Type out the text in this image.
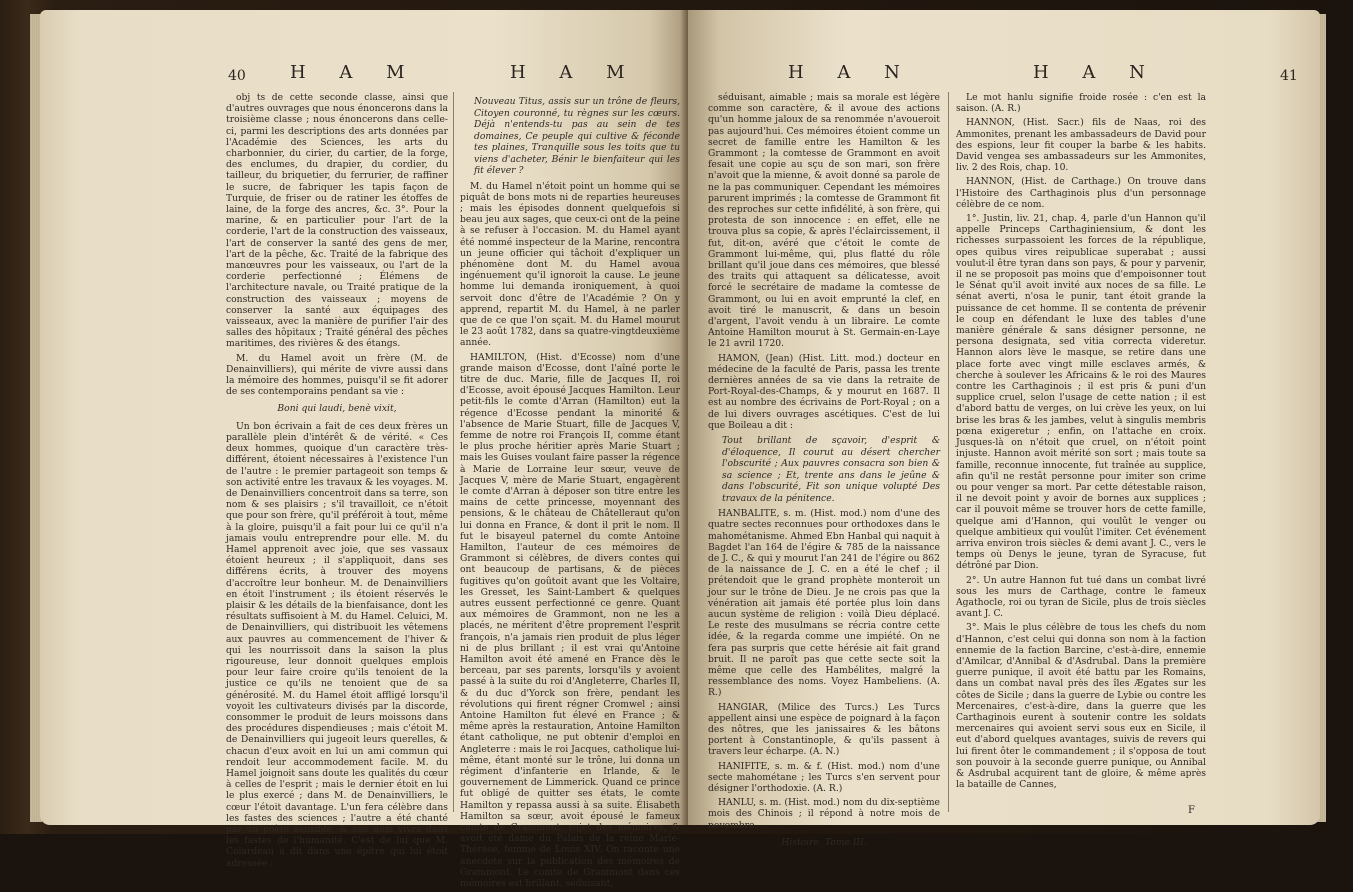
40 H A M	H A M

obj ts de cette seconde classe, ainsi que d'autres ouvrages que nous énoncerons dans la troisième classe ; nous énoncerons dans celle-ci, parmi les descriptions des arts données par l'Académie des Sciences, les arts du charbonnier, du cirier, du cartier, de la forge, des enclumes, du drapier, du cordier, du tailleur, du briquetier, du ferrurier, de raffiner le sucre, de fabriquer les tapis façon de Turquie, de friser ou de ratiner les étoffes de laine, de la forge des ancres, &c. 3°. Pour la marine, & en particulier pour l'art de la corderie, l'art de la construction des vaisseaux, l'art de conserver la santé des gens de mer, l'art de la pêche, &c. Traité de la fabrique des manœuvres pour les vaisseaux, ou l'art de la corderie perfectionné ; Élémens de l'architecture navale, ou Traité pratique de la construction des vaisseaux ; moyens de conserver la santé aux équipages des vaisseaux, avec la manière de purifier l'air des salles des hôpitaux ; Traité général des pêches maritimes, des rivières & des étangs.

M. du Hamel avoit un frère (M. de Denainvilliers), qui mérite de vivre aussi dans la mémoire des hommes, puisqu'il se fit adorer de ses contemporains pendant sa vie :

Boni qui laudi, benè vixit,

Un bon écrivain a fait de ces deux frères un parallèle plein d'intérêt & de vérité. « Ces deux hommes, quoique d'un caractère très-différent, étoient nécessaires à l'existence l'un de l'autre : le premier partageoit son temps & son activité entre les travaux & les voyages. M. de Denainvilliers concentroit dans sa terre, son nom & ses plaisirs ; s'il travailloit, ce n'étoit que pour son frère, qu'il préféroit à tout, même à la gloire, puisqu'il a fait pour lui ce qu'il n'a jamais voulu entreprendre pour elle. M. du Hamel apprenoit avec joie, que ses vassaux étoient heureux ; il s'appliquoit, dans ses différens écrits, à trouver des moyens d'accroître leur bonheur. M. de Denainvilliers en étoit l'instrument ; ils étoient réservés le plaisir & les détails de la bienfaisance, dont les résultats suffisoient à M. du Hamel. Celuici, M. de Denainvilliers, qui distribuoit les vêtemens aux pauvres au commencement de l'hiver & qui les nourrissoit dans la saison la plus rigoureuse, leur donnoit quelques emplois pour leur faire croire qu'ils tenoient de la justice ce qu'ils ne tenoient que de sa générosité. M. du Hamel étoit affligé lorsqu'il voyoit les cultivateurs divisés par la discorde, consommer le produit de leurs moissons dans des procédures dispendieuses ; mais c'étoit M. de Denainvilliers qui jugeoit leurs querelles, & chacun d'eux avoit en lui un ami commun qui rendoit leur accommodement facile. M. du Hamel joignoit sans doute les qualités du cœur à celles de l'esprit ; mais le dernier étoit en lui le plus exercé ; dans M. de Denainvilliers, le cœur l'étoit davantage. L'un fera célèbre dans les fastes des sciences ; l'autre a été chanté par un poète sensible, & son nom vivra dans les fastes de l'humanité. C'est de lui que M. Colardeau a dit dans une épître qui lui étoit adressée :

Nouveau Titus, assis sur un trône de fleurs, Citoyen couronné, tu règnes sur les cœurs. Déjà n'entends-tu pas au sein de tes domaines, Ce peuple qui cultive & féconde tes plaines, Tranquille sous les toits que tu viens d'acheter, Bénir le bienfaiteur qui les fit élever ?

M. du Hamel n'étoit point un homme qui se piquât de bons mots ni de reparties heureuses ; mais les épisodes donnent quelquefois si beau jeu aux sages, que ceux-ci ont de la peine à se refuser à l'occasion. M. du Hamel ayant été nommé inspecteur de la Marine, rencontra un jeune officier qui tâchoit d'expliquer un phénomène dont M. du Hamel avoua ingénuement qu'il ignoroit la cause. Le jeune homme lui demanda ironiquement, à quoi servoit donc d'être de l'Académie ? On y apprend, repartit M. du Hamel, à ne parler que de ce que l'on sçait. M. du Hamel mourut le 23 août 1782, dans sa quatre-vingtdeuxième année.

HAMILTON, (Hist. d'Ecosse) nom d'une grande maison d'Ecosse, dont l'aîné porte le titre de duc. Marie, fille de Jacques II, roi d'Ecosse, avoit épousé Jacques Hamilton. Leur petit-fils le comte d'Arran (Hamilton) eut la régence d'Ecosse pendant la minorité & l'absence de Marie Stuart, fille de Jacques V, femme de notre roi François II, comme étant le plus proche héritier après Marie Stuart ; mais les Guises voulant faire passer la régence à Marie de Lorraine leur sœur, veuve de Jacques V, mère de Marie Stuart, engagèrent le comte d'Arran à déposer son titre entre les mains de cette princesse, moyennant des pensions, & le château de Châtelleraut qu'on lui donna en France, & dont il prit le nom. Il fut le bisayeul paternel du comte Antoine Hamilton, l'auteur de ces mémoires de Grammont si célèbres, de divers contes qui ont beaucoup de partisans, & de pièces fugitives qu'on goûtoit avant que les Voltaire, les Gresset, les Saint-Lambert & quelques autres eussent perfectionné ce genre. Quant aux mémoires de Grammont, non ne les a placés, ne méritent d'être proprement l'esprit françois, n'a jamais rien produit de plus léger ni de plus brillant ; il est vrai qu'Antoine Hamilton avoit été amené en France dès le berceau, par ses parents, lorsqu'ils y avoient passé à la suite du roi d'Angleterre, Charles II, & du duc d'Yorck son frère, pendant les révolutions qui firent régner Cromwel ; ainsi Antoine Hamilton fut élevé en France ; & même après la restauration, Antoine Hamilton étant catholique, ne put obtenir d'emploi en Angleterre : mais le roi Jacques, catholique lui-même, étant monté sur le trône, lui donna un régiment d'infanterie en Irlande, & le gouvernement de Limmerick. Quand ce prince fut obligé de quitter ses états, le comte Hamilton y repassa aussi à sa suite. Élisabeth Hamilton sa sœur, avoit épousé le fameux comte de Grammont, sujet des mémoires, & avoit été dame du Palais de la reine Marie-Thérèse, femme de Louis XIV. On raconte une anecdote sur la publication des mémoires de Grammont. Le comte de Grammont dans ces mémoires est brillant, séduisant,

H A N	H A N	41

séduisant, aimable ; mais sa morale est légère comme son caractère, & il avoue des actions qu'un homme jaloux de sa renommée n'avoueroit pas aujourd'hui. Ces mémoires étoient comme un secret de famille entre les Hamilton & les Grammont ; la comtesse de Grammont en avoit fesait une copie au sçu de son mari, son frère n'avoit que la mienne, & avoit donné sa parole de ne la pas communiquer. Cependant les mémoires parurent imprimés ; la comtesse de Grammont fit des reproches sur cette infidélité, à son frère, qui protesta de son innocence : en effet, elle ne trouva plus sa copie, & après l'éclaircissement, il fut, dit-on, avéré que c'étoit le comte de Grammont lui-même, qui, plus flatté du rôle brillant qu'il joue dans ces mémoires, que blessé des traits qui attaquent sa délicatesse, avoit forcé le secrétaire de madame la comtesse de Grammont, ou lui en avoit emprunté la clef, en avoit tiré le manuscrit, & dans un besoin d'argent, l'avoit vendu à un libraire. Le comte Antoine Hamilton mourut à St. Germain-en-Laye le 21 avril 1720.

HAMON, (Jean) (Hist. Litt. mod.) docteur en médecine de la faculté de Paris, passa les trente dernières années de sa vie dans la retraite de Port-Royal-des-Champs, & y mourut en 1687. Il est au nombre des écrivains de Port-Royal ; on a de lui divers ouvrages ascétiques. C'est de lui que Boileau a dit :

Tout brillant de sçavoir, d'esprit & d'éloquence, Il courut au désert chercher l'obscurité ; Aux pauvres consacra son bien & sa science ; Et, trente ans dans le jeûne & dans l'obscurité, Fit son unique volupté Des travaux de la pénitence.

HANBALITE, s. m. (Hist. mod.) nom d'une des quatre sectes reconnues pour orthodoxes dans le mahométanisme. Ahmed Ebn Hanbal qui naquit à Bagdet l'an 164 de l'égire & 785 de la naissance de J. C., & qui y mourut l'an 241 de l'égire ou 862 de la naissance de J. C. en a été le chef ; il prétendoit que le grand prophète monteroit un jour sur le trône de Dieu. Je ne crois pas que la vénération ait jamais été portée plus loin dans aucun système de religion : voilà Dieu déplacé. Le reste des musulmans se récria contre cette idée, & la regarda comme une impiété. On ne fera pas surpris que cette hérésie ait fait grand bruit. Il ne paroît pas que cette secte soit la même que celle des Hambélites, malgré la ressemblance des noms. Voyez Hambeliens. (A. R.)

HANGIAR, (Milice des Turcs.) Les Turcs appellent ainsi une espèce de poignard à la façon des nôtres, que les janissaires & les bâtons portent à Constantinople, & qu'ils passent à travers leur écharpe. (A. N.)

HANIFITE, s. m. & f. (Hist. mod.) nom d'une secte mahométane ; les Turcs s'en servent pour désigner l'orthodoxie. (A. R.)

HANLU, s. m. (Hist. mod.) nom du dix-septième mois des Chinois ; il répond à notre mois de novembre.

Histoire. Tome III.

Le mot hanlu signifie froide rosée : c'en est la saison. (A. R.)

HANNON, (Hist. Sacr.) fils de Naas, roi des Ammonites, prenant les ambassadeurs de David pour des espions, leur fit couper la barbe & les habits. David vengea ses ambassadeurs sur les Ammonites, liv. 2 des Rois, chap. 10.

HANNON, (Hist. de Carthage.) On trouve dans l'Histoire des Carthaginois plus d'un personnage célèbre de ce nom.

1°. Justin, liv. 21, chap. 4, parle d'un Hannon qu'il appelle Princeps Carthaginiensium, & dont les richesses surpassoient les forces de la république, opes quibus vires reipublicae superabat ; aussi voulut-il être tyran dans son pays, & pour y parvenir, il ne se proposoit pas moins que d'empoisonner tout le Sénat qu'il avoit invité aux noces de sa fille. Le sénat averti, n'osa le punir, tant étoit grande la puissance de cet homme. Il se contenta de prévenir le coup en défendant le luxe des tables d'une manière générale & sans désigner personne, ne persona designata, sed vitia correcta videretur. Hannon alors lève le masque, se retire dans une place forte avec vingt mille esclaves armés, & cherche à soulever les Africains & le roi des Maures contre les Carthaginois ; il est pris & puni d'un supplice cruel, selon l'usage de cette nation ; il est d'abord battu de verges, on lui crève les yeux, on lui brise les bras & les jambes, velut à singulis membris pœna exigeretur ; enfin, on l'attache en croix. Jusques-là on n'étoit que cruel, on n'étoit point injuste. Hannon avoit mérité son sort ; mais toute sa famille, reconnue innocente, fut traînée au supplice, afin qu'il ne restât personne pour imiter son crime ou pour venger sa mort. Par cette détestable raison, il ne devoit point y avoir de bornes aux supplices ; car il pouvoit même se trouver hors de cette famille, quelque ami d'Hannon, qui voulût le venger ou quelque ambitieux qui voulût l'imiter. Cet événement arriva environ trois siècles & demi avant J. C., vers le temps où Denys le jeune, tyran de Syracuse, fut détrôné par Dion.

2°. Un autre Hannon fut tué dans un combat livré sous les murs de Carthage, contre le fameux Agathocle, roi ou tyran de Sicile, plus de trois siècles avant J. C.

3°. Mais le plus célèbre de tous les chefs du nom d'Hannon, c'est celui qui donna son nom à la faction ennemie de la faction Barcine, c'est-à-dire, ennemie d'Amilcar, d'Annibal & d'Asdrubal. Dans la première guerre punique, il avoit été battu par les Romains, dans un combat naval près des îles Ægates sur les côtes de Sicile ; dans la guerre de Lybie ou contre les Mercenaires, c'est-à-dire, dans la guerre que les Carthaginois eurent à soutenir contre les soldats mercenaires qui avoient servi sous eux en Sicile, il eut d'abord quelques avantages, suivis de revers qui lui firent ôter le commandement ; il s'opposa de tout son pouvoir à la seconde guerre punique, ou Annibal & Asdrubal acquirent tant de gloire, & même après la bataille de Cannes,

F
